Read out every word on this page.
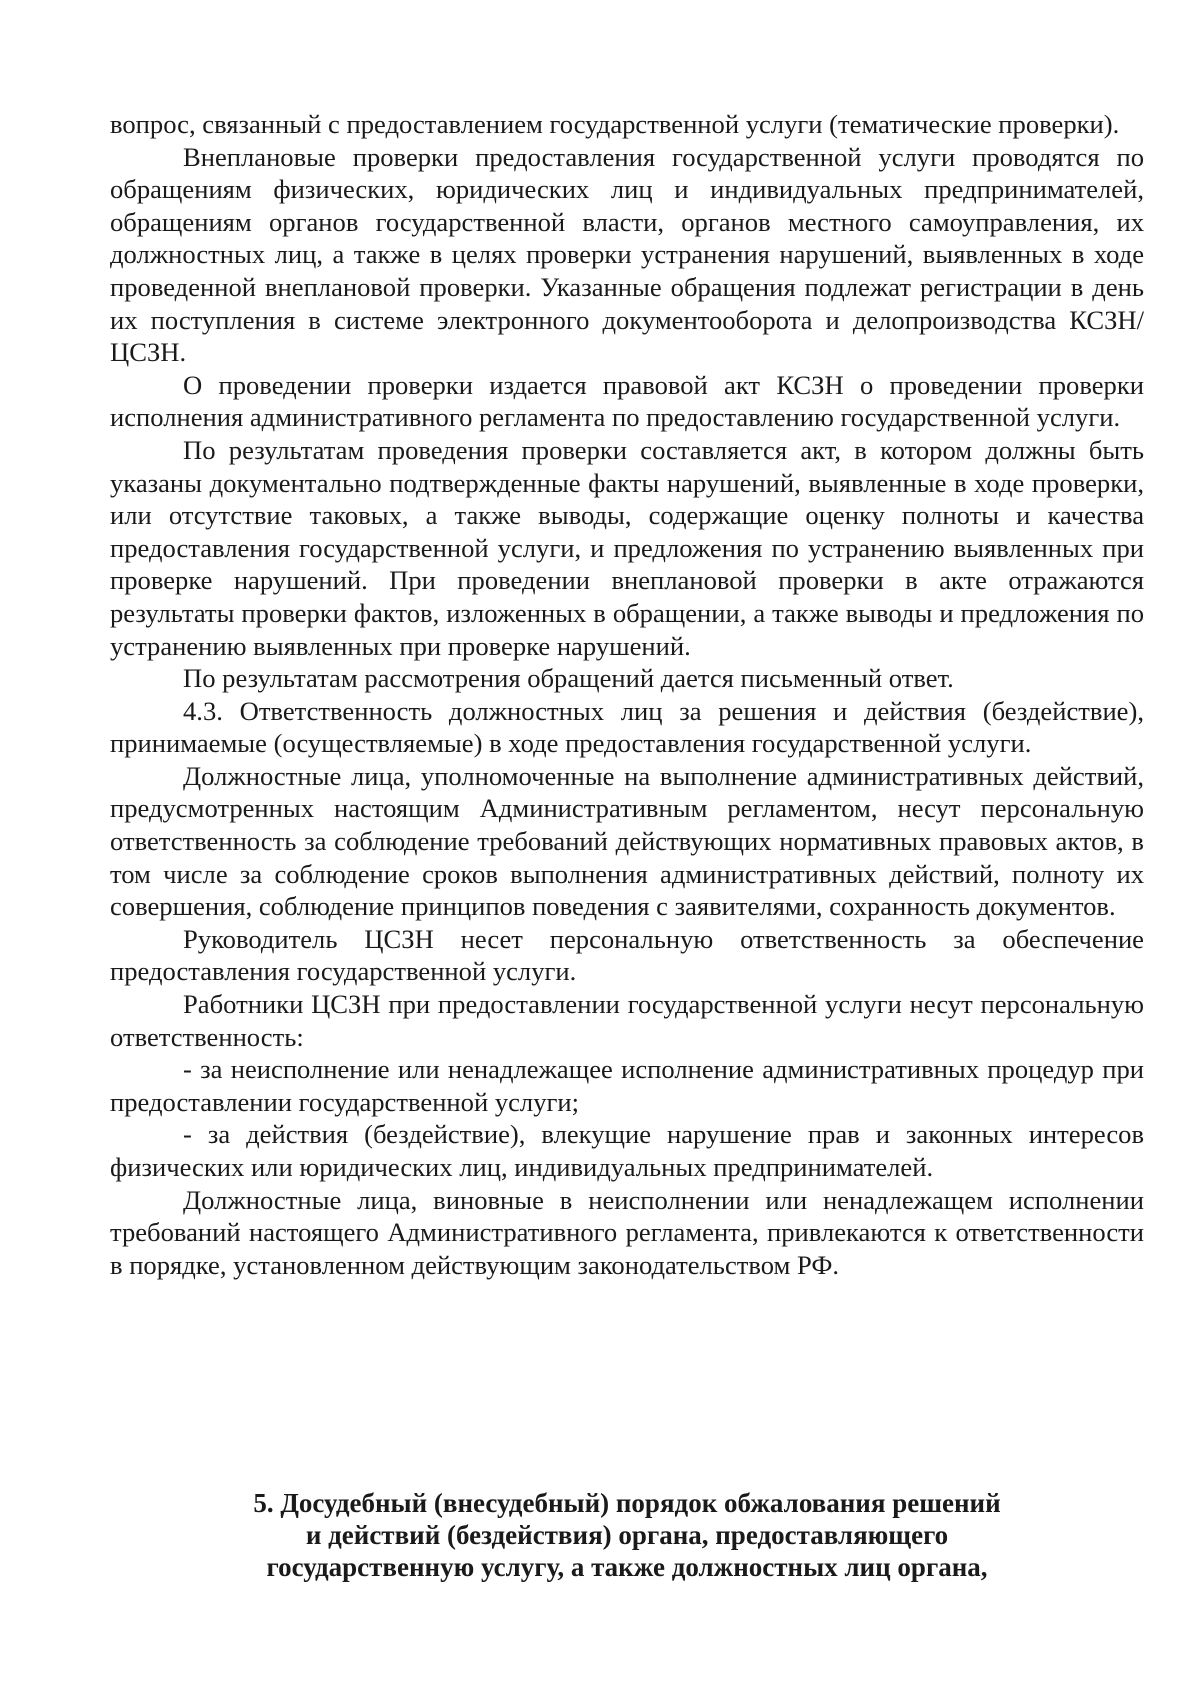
вопрос, связанный с предоставлением государственной услуги (тематические проверки).

Внеплановые проверки предоставления государственной услуги проводятся по обращениям физических, юридических лиц и индивидуальных предпринимателей, обращениям органов государственной власти, органов местного самоуправления, их должностных лиц, а также в целях проверки устранения нарушений, выявленных в ходе проведенной внеплановой проверки. Указанные обращения подлежат регистрации в день их поступления в системе электронного документооборота и делопроизводства КСЗН/ЦСЗН.

О проведении проверки издается правовой акт КСЗН о проведении проверки исполнения административного регламента по предоставлению государственной услуги.

По результатам проведения проверки составляется акт, в котором должны быть указаны документально подтвержденные факты нарушений, выявленные в ходе проверки, или отсутствие таковых, а также выводы, содержащие оценку полноты и качества предоставления государственной услуги, и предложения по устранению выявленных при проверке нарушений. При проведении внеплановой проверки в акте отражаются результаты проверки фактов, изложенных в обращении, а также выводы и предложения по устранению выявленных при проверке нарушений.

По результатам рассмотрения обращений дается письменный ответ.

4.3. Ответственность должностных лиц за решения и действия (бездействие), принимаемые (осуществляемые) в ходе предоставления государственной услуги.

Должностные лица, уполномоченные на выполнение административных действий, предусмотренных настоящим Административным регламентом, несут персональную ответственность за соблюдение требований действующих нормативных правовых актов, в том числе за соблюдение сроков выполнения административных действий, полноту их совершения, соблюдение принципов поведения с заявителями, сохранность документов.

Руководитель ЦСЗН несет персональную ответственность за обеспечение предоставления государственной услуги.

Работники ЦСЗН при предоставлении государственной услуги несут персональную ответственность:

- за неисполнение или ненадлежащее исполнение административных процедур при предоставлении государственной услуги;

- за действия (бездействие), влекущие нарушение прав и законных интересов физических или юридических лиц, индивидуальных предпринимателей.

Должностные лица, виновные в неисполнении или ненадлежащем исполнении требований настоящего Административного регламента, привлекаются к ответственности в порядке, установленном действующим законодательством РФ.

5. Досудебный (внесудебный) порядок обжалования решений
и действий (бездействия) органа, предоставляющего
государственную услугу, а также должностных лиц органа,
